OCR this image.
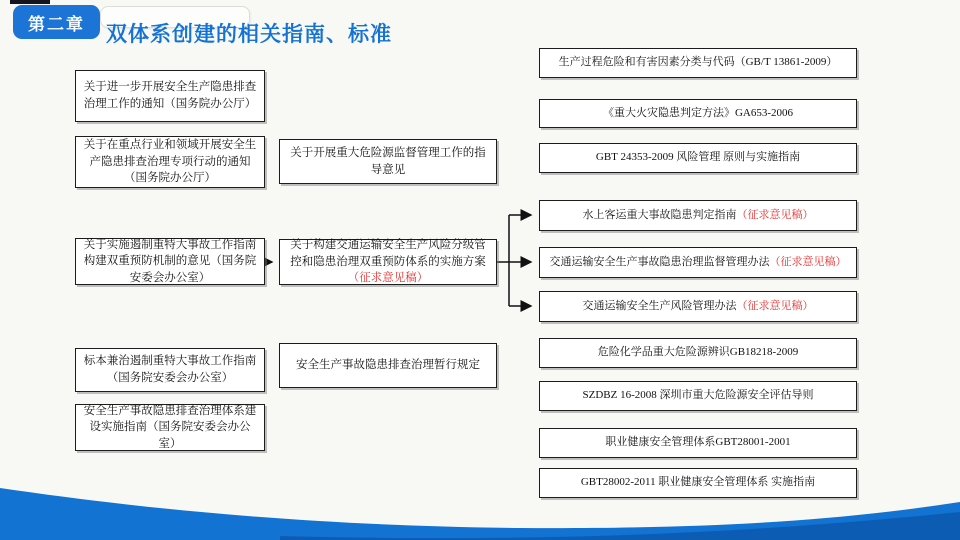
第二章 双体系创建的相关指南、标准
关于进一步开展安全生产隐患排查治理工作的通知（国务院办公厅）
关于在重点行业和领域开展安全生产隐患排查治理专项行动的通知（国务院办公厅）
关于实施遏制重特大事故工作指南构建双重预防机制的意见（国务院安委会办公室）
标本兼治遏制重特大事故工作指南（国务院安委会办公室）
安全生产事故隐患排查治理体系建设实施指南（国务院安委会办公室）
关于开展重大危险源监督管理工作的指导意见
关于构建交通运输安全生产风险分级管控和隐患治理双重预防体系的实施方案（征求意见稿）
安全生产事故隐患排查治理暂行规定
生产过程危险和有害因素分类与代码（GB/T 13861-2009）
《重大火灾隐患判定方法》GA653-2006
GBT 24353-2009 风险管理 原则与实施指南
水上客运重大事故隐患判定指南（征求意见稿）
交通运输安全生产事故隐患治理监督管理办法（征求意见稿）
交通运输安全生产风险管理办法（征求意见稿）
危险化学品重大危险源辨识GB18218-2009
SZDBZ 16-2008 深圳市重大危险源安全评估导则
职业健康安全管理体系GBT28001-2001
GBT28002-2011 职业健康安全管理体系 实施指南
